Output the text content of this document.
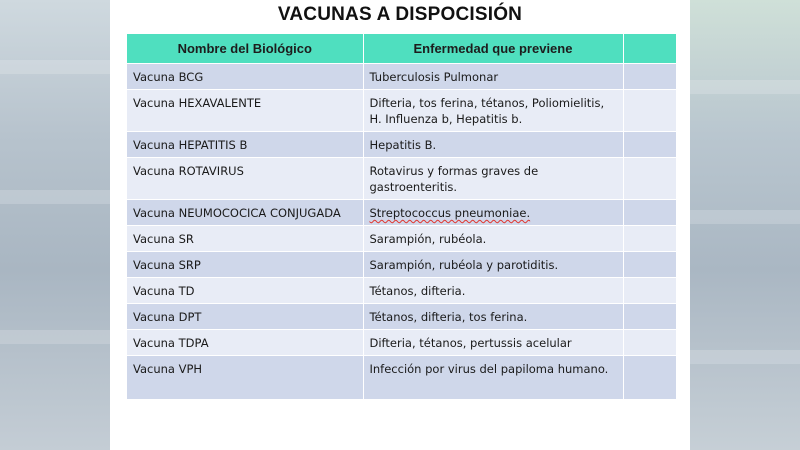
VACUNAS A DISPOCISIÓN
Nombre del Biológico	Enfermedad que previene	
Vacuna BCG	Tuberculosis Pulmonar	
Vacuna HEXAVALENTE	Difteria, tos ferina, tétanos, Poliomielitis, H. Influenza b, Hepatitis b.	
Vacuna HEPATITIS B	Hepatitis B.	
Vacuna ROTAVIRUS	Rotavirus y formas graves de gastroenteritis.	
Vacuna NEUMOCOCICA CONJUGADA	Streptococcus pneumoniae.	
Vacuna SR	Sarampión, rubéola.	
Vacuna SRP	Sarampión, rubéola y parotiditis.	
Vacuna TD	Tétanos, difteria.	
Vacuna DPT	Tétanos, difteria, tos ferina.	
Vacuna TDPA	Difteria, tétanos, pertussis acelular	
Vacuna VPH	Infección por virus del papiloma humano.	
